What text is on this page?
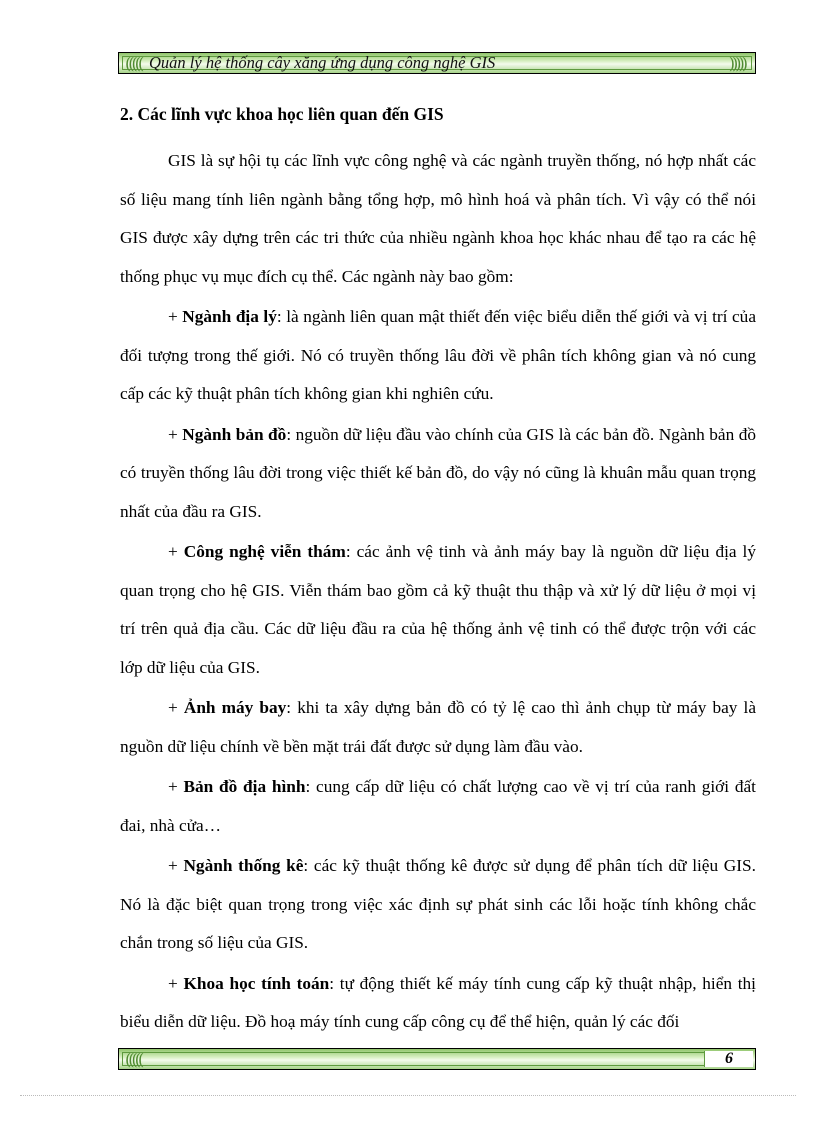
((((( Quản lý hệ thống cây xăng ứng dụng công nghệ GIS	)))))
2. Các lĩnh vực khoa học liên quan đến GIS

GIS là sự hội tụ các lĩnh vực công nghệ và các ngành truyền thống, nó hợp nhất các số liệu mang tính liên ngành bằng tổng hợp, mô hình hoá và phân tích. Vì vậy có thể nói GIS được xây dựng trên các tri thức của nhiều ngành khoa học khác nhau để tạo ra các hệ thống phục vụ mục đích cụ thể. Các ngành này bao gồm:

+ Ngành địa lý: là ngành liên quan mật thiết đến việc biểu diễn thế giới và vị trí của đối tượng trong thế giới. Nó có truyền thống lâu đời về phân tích không gian và nó cung cấp các kỹ thuật phân tích không gian khi nghiên cứu.

+ Ngành bản đồ: nguồn dữ liệu đầu vào chính của GIS là các bản đồ. Ngành bản đồ có truyền thống lâu đời trong việc thiết kế bản đồ, do vậy nó cũng là khuân mẫu quan trọng nhất của đầu ra GIS.

+ Công nghệ viễn thám: các ảnh vệ tinh và ảnh máy bay là nguồn dữ liệu địa lý quan trọng cho hệ GIS. Viễn thám bao gồm cả kỹ thuật thu thập và xử lý dữ liệu ở mọi vị trí trên quả địa cầu. Các dữ liệu đầu ra của hệ thống ảnh vệ tinh có thể được trộn với các lớp dữ liệu của GIS.

+ Ảnh máy bay: khi ta xây dựng bản đồ có tỷ lệ cao thì ảnh chụp từ máy bay là nguồn dữ liệu chính về bền mặt trái đất được sử dụng làm đầu vào.

+ Bản đồ địa hình: cung cấp dữ liệu có chất lượng cao về vị trí của ranh giới đất đai, nhà cửa…

+ Ngành thống kê: các kỹ thuật thống kê được sử dụng để phân tích dữ liệu GIS. Nó là đặc biệt quan trọng trong việc xác định sự phát sinh các lỗi hoặc tính không chắc chắn trong số liệu của GIS.

+ Khoa học tính toán: tự động thiết kế máy tính cung cấp kỹ thuật nhập, hiển thị biểu diễn dữ liệu. Đồ hoạ máy tính cung cấp công cụ để thể hiện, quản lý các đối

(((((	6
